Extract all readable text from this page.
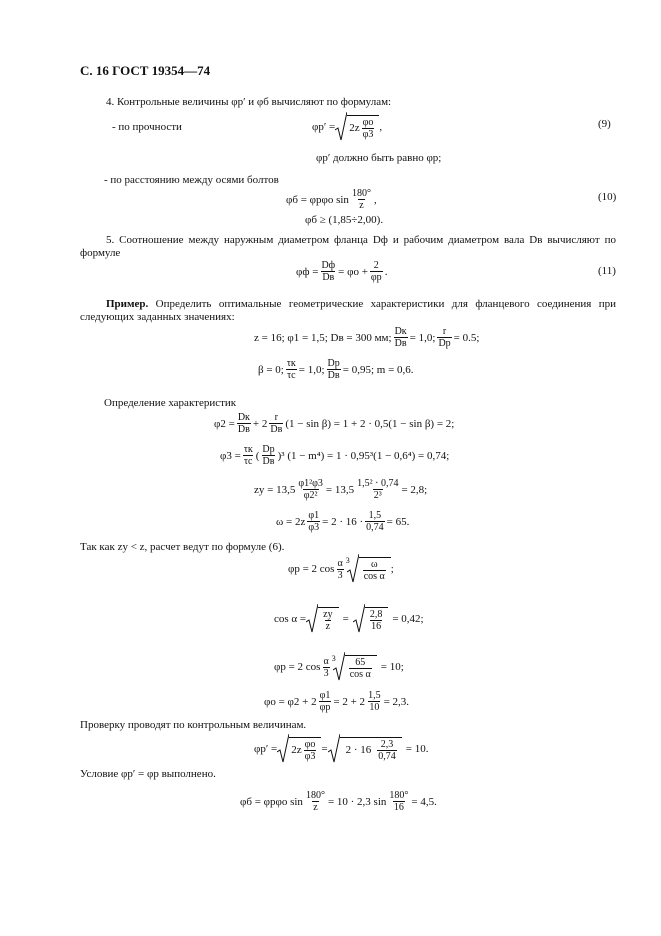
С. 16 ГОСТ 19354—74
4. Контрольные величины φp′ и φб вычисляют по формулам:
- по прочности	$\varphi p' = 2z \frac{\varphi o}{\varphi 3}$ ,	(9)
φp′ должно быть равно φр;
- по расстоянию между осями болтов
φб = φрφo $\sin \frac{180^\circ}{z}$ ,	(10)
φб ≥ (1,85÷2,00).
5. Соотношение между наружным диаметром фланца Dф и рабочим диаметром вала Dв вычисляют по формуле
$\varphi ф = \frac{Dф}{Dв} = \varphi o + \frac{2}{\varphi р}$ .	(11)
Пример. Определить оптимальные геометрические характеристики для фланцевого соединения при следующих заданных значениях:
z = 16; φ1 = 1,5; Dв = 300 мм; $\frac{Dк}{Dв} = 1,0$; $\frac{r}{Dр} = 0.5$;
β = 0; $\frac{\tau к}{\tau с} = 1,0$; $\frac{Dр}{Dв} = 0,95$; m = 0,6.
Определение характеристик
$\varphi 2 = \frac{Dк}{Dв} + 2 \frac{r}{Dв} (1 - \sin \beta) = 1 + 2 \cdot 0,5(1 - \sin \beta) = 2$;
$\varphi 3 = \frac{\tau к}{\tau с}$ ( $\frac{Dр}{Dв} )^3$ (1 − m⁴) = 1 · 0,95³(1 − 0,6⁴) = 0,74;
zу = $13,5 \frac{\text{φ1²φ3}}{\text{φ2²}} = 13,5 \frac{\text{1,5² · 0,74}}{\text{2³}} = 2,8$;
$\omega = 2z \frac{\varphi 1}{\varphi 3} = 2 \cdot 16 \cdot \frac{1,5}{0,74} = 65$.
Так как zу < z, расчет ведут по формуле (6).
φр = 2 $\cos \frac{\alpha}{3} 3 \frac{\omega}{\text{cos α}}$ ;
$\cos \alpha = \frac{zу}{z} = \frac{2,8}{16} = 0,42$;
φр = 2 $\cos \frac{\alpha}{3} 3 \frac{65}{\text{cos α}} = 10$;
$\varphi o = \varphi 2 + 2 \frac{\varphi 1}{\varphi р} = 2 + 2 \frac{1,5}{10} = 2,3$.
Проверку проводят по контрольным величинам.
$\varphi р' = 2z \frac{\varphi o}{\varphi 3} = 2 \cdot 16 \frac{2,3}{0,74} = 10$.
Условие φр′ = φр выполнено.
φб = φрφo $\sin \frac{180^\circ}{z} = 10 \cdot 2,3$ $\sin \frac{180^\circ}{16} = 4,5$.
